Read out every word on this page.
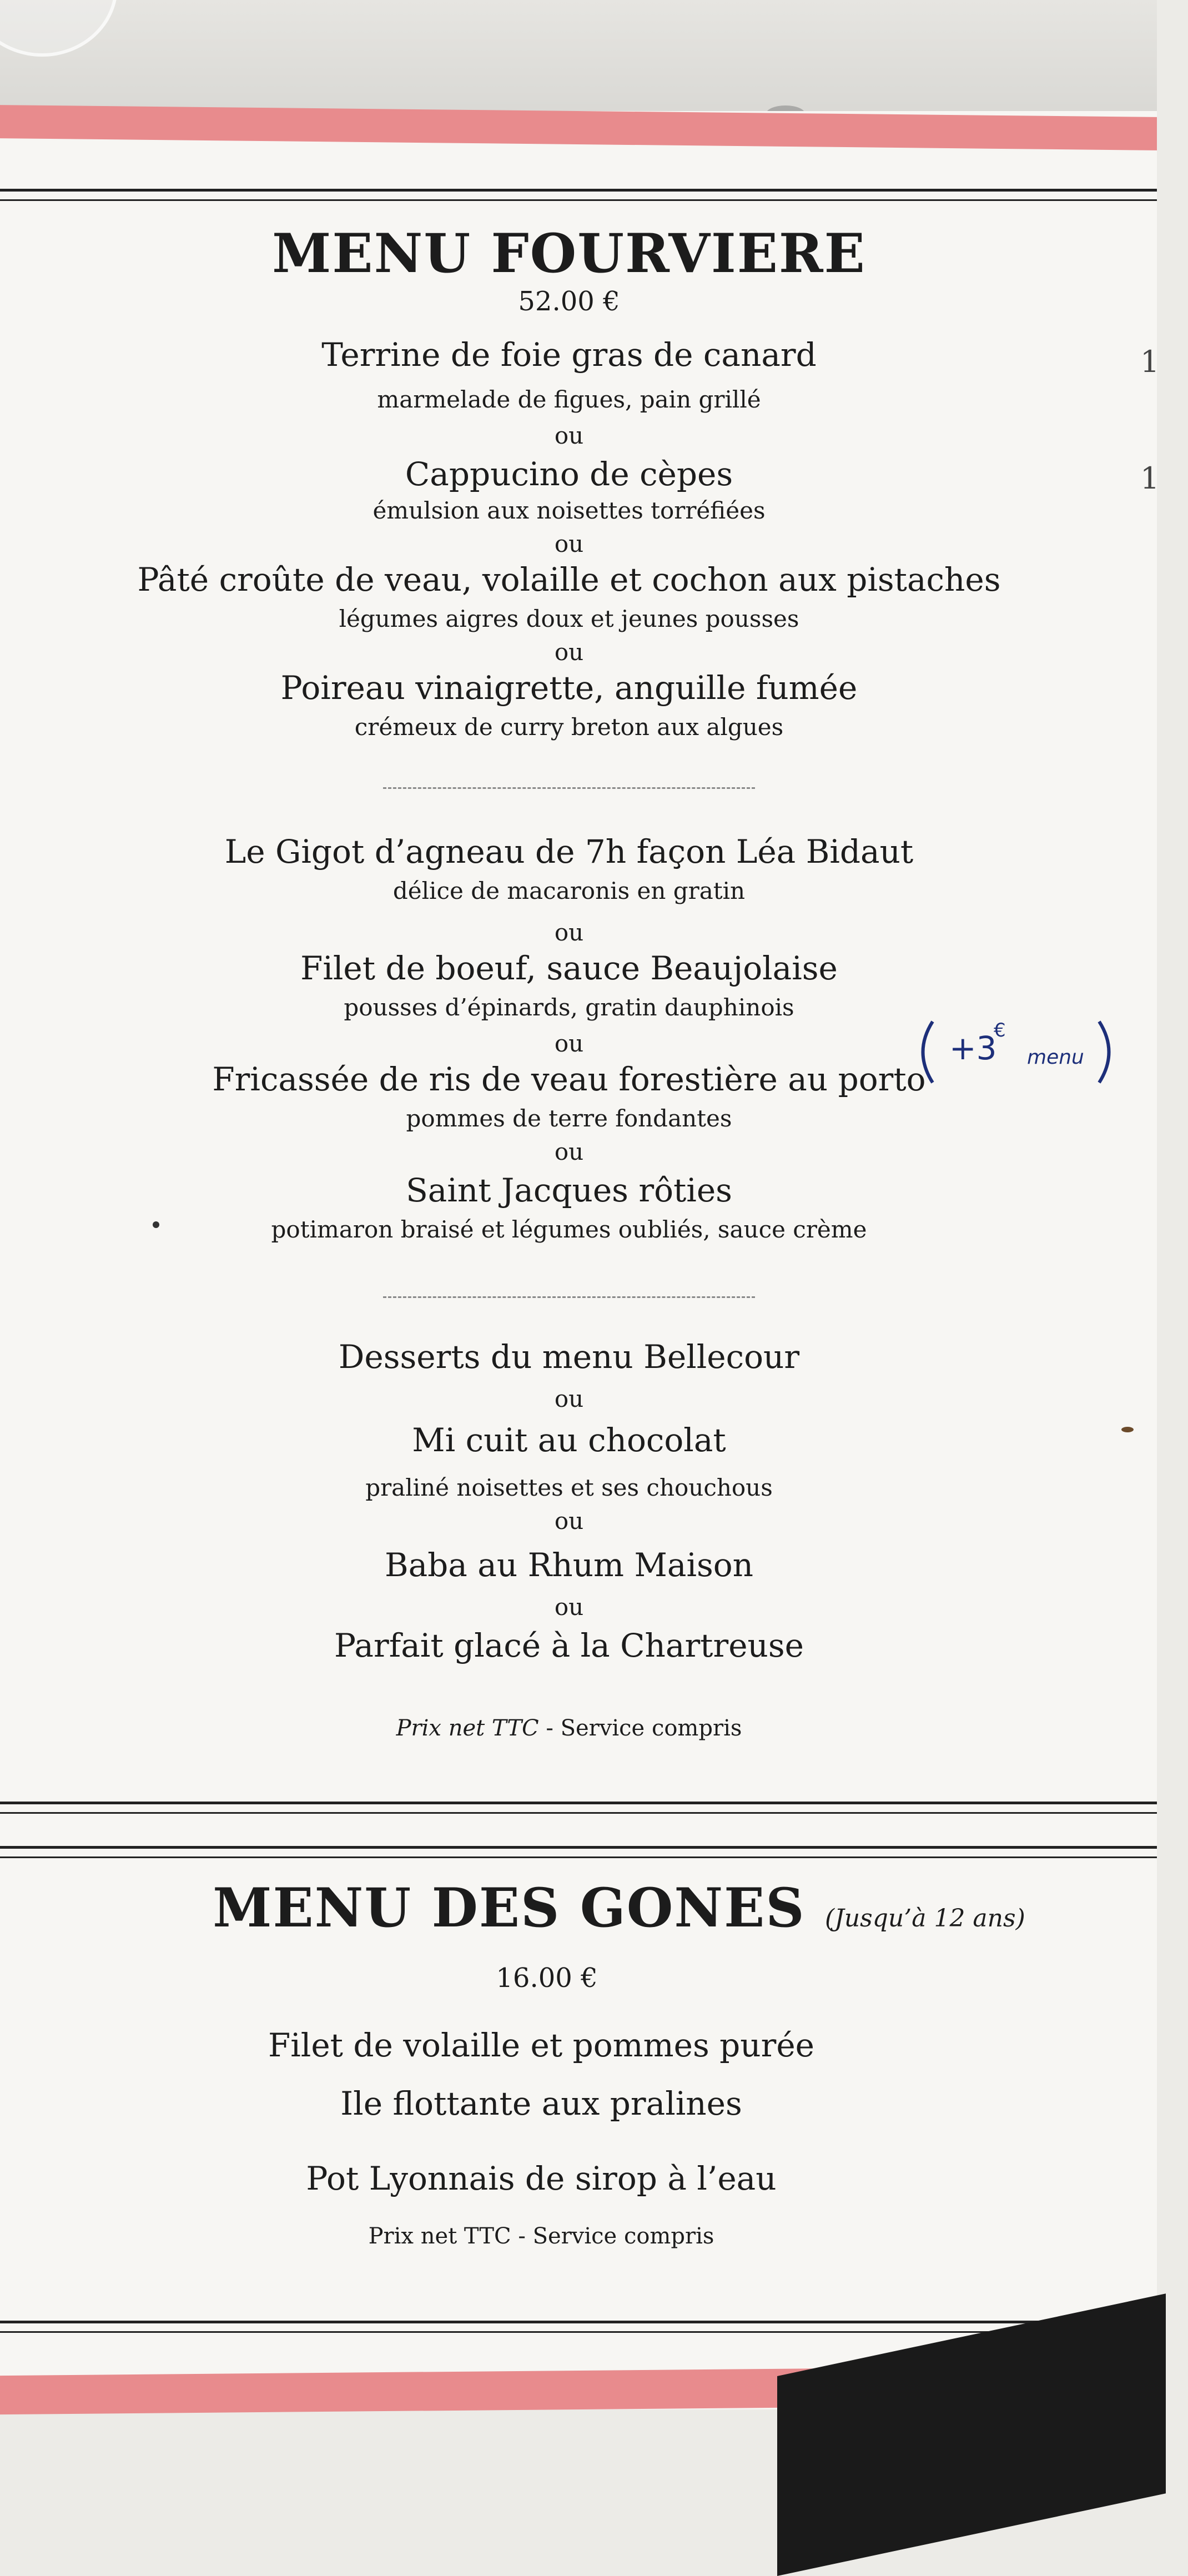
MENU FOURVIERE
52.00 €
Terrine de foie gras de canard
marmelade de figues, pain grillé
ou
Cappucino de cèpes
émulsion aux noisettes torréfiées
ou
Pâté croûte de veau, volaille et cochon aux pistaches
légumes aigres doux et jeunes pousses
ou
Poireau vinaigrette, anguille fumée
crémeux de curry breton aux algues
Le Gigot d’agneau de 7h façon Léa Bidaut
délice de macaronis en gratin
ou
Filet de boeuf, sauce Beaujolaise
pousses d’épinards, gratin dauphinois
ou
Fricassée de ris de veau forestière au porto
pommes de terre fondantes
ou
Saint Jacques rôties
potimaron braisé et légumes oubliés, sauce crème
+3
€
menu
Desserts du menu Bellecour
ou
Mi cuit au chocolat
praliné noisettes et ses chouchous
ou
Baba au Rhum Maison
ou
Parfait glacé à la Chartreuse
Prix net TTC - Service compris
MENU DES GONES (Jusqu’à 12 ans)
16.00 €
Filet de volaille et pommes purée
Ile flottante aux pralines
Pot Lyonnais de sirop à l’eau
Prix net TTC - Service compris
1
1
